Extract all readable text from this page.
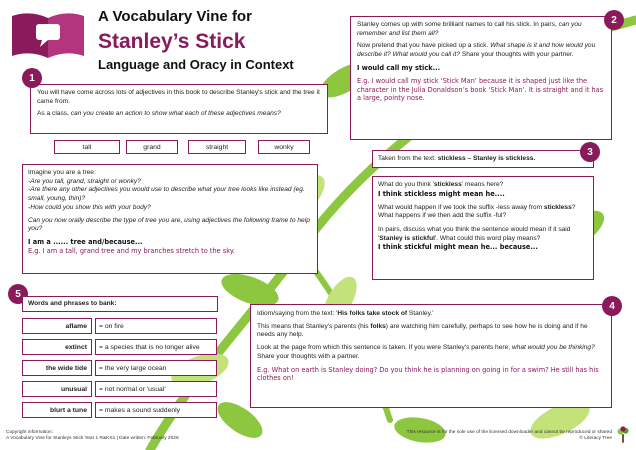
A Vocabulary Vine for
Stanley’s Stick
Language and Oracy in Context

You will have come across lots of adjectives in this book to describe Stanley's stick and the tree it came from.

As a class, can you create an action to show what each of these adjectives means?

1
tall	grand	straight	wonky
Imagine you are a tree:
-Are you tall, grand, straight or wonky?
-Are there any other adjectives you would use to describe what your tree looks like instead (eg. small, young, thin)?
-How could you show this with your body?
Can you now orally describe the type of tree you are, using adjectives the following frame to help you?
I am a ...... tree and/because...
E.g. I am a tall, grand tree and my branches stretch to the sky.

Stanley comes up with some brilliant names to call his stick. In pairs, can you remember and list them all?

Now pretend that you have picked up a stick. What shape is it and how would you describe it? What would you call it? Share your thoughts with your partner.

I would call my stick...
E.g. I would call my stick ‘Stick Man’ because it is shaped just like the character in the Julia Donaldson’s book ‘Stick Man’. It is straight and it has a large, pointy nose.
2
Taken from the text: stickless – Stanley is stickless.
3
What do you think 'stickless' means here?
I think stickless might mean he....
What would happen if we took the suffix -less away from stickless?
What happens if we then add the suffix -ful?
In pairs, discuss what you think the sentence would mean if it said 'Stanley is stickful'. What could this word play means?
I think stickful might mean he... because...

Idiom/saying from the text: 'His folks take stock of Stanley.'

This means that Stanley's parents (his folks) are watching him carefully, perhaps to see how he is doing and if he needs any help.

Look at the page from which this sentence is taken. If you were Stanley's parents here, what would you be thinking? Share your thoughts with a partner.

E.g. What on earth is Stanley doing? Do you think he is planning on going in for a swim? He still has his clothes on!
4
5
Words and phrases to bank:
aflame	= on fire
extinct	= a species that is no longer alive
the wide tide	= the very large ocean
unusual	= not normal or 'usual'
blurt a tune	= makes a sound suddenly
Copyright information:
A Vocabulary Vine for Stanleys Stick Year 1 R&KS1 | Date written: February 2026
This resource is for the sole use of the licensed downloader and cannot be reproduced or shared
© Literacy Tree
